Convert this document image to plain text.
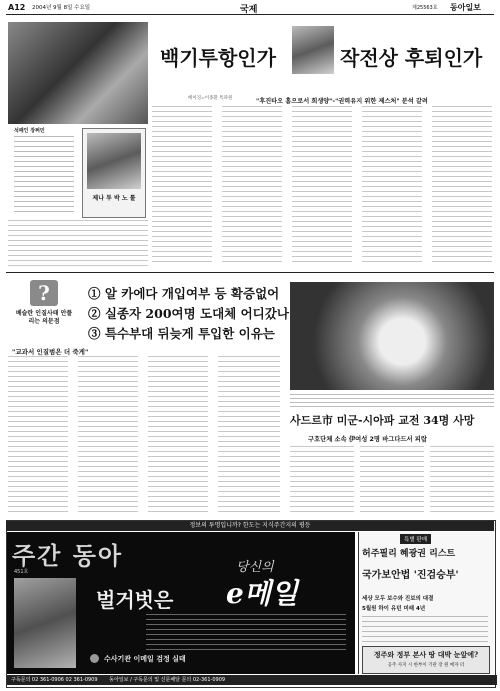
A12 2004년 9월 8일 수요일	국제	제25563호 동아일보
백기투항인가	작전상 후퇴인가
"후진타오 홈으로서 희생양"-"권력유지 위한 제스처" 분석 갈려
베이징=이종환 특파원
석패인 장쩌민
제나 투 박 노 툴
?
베슬란 인질사태 안풀리는 의문점
① 알 카에다 개입여부 등 확증없어
② 실종자 200여명 도대체 어디갔나
③ 특수부대 뒤늦게 투입한 이유는
"교과서 인질범은 더 죽게"
사드르市 미군-시아파 교전 34명 사망
구호단체 소속 伊여성 2명 바그다드서 피랍
정보의 투명입니까? 한도는 지식주간지의 평등
주간 동아
451호	당신의
벌거벗은 e메일
수사기관 이메일 검정 실태
특별 판매
허주필리 혜광권 리스트
국가보안법 '진검승부'
세상 모두 보수와 진보의 대결
5월원 하이 유턴 미래 4년
정주와 정부 본사 땅 대박 눈앞에?
공주 사지 시 한부이 기관 장 원 매자 터
구독문의 02 361-0906 02 361-0909 동아일보 / 구독문의 및 신문배달 문의 02-361-0909
